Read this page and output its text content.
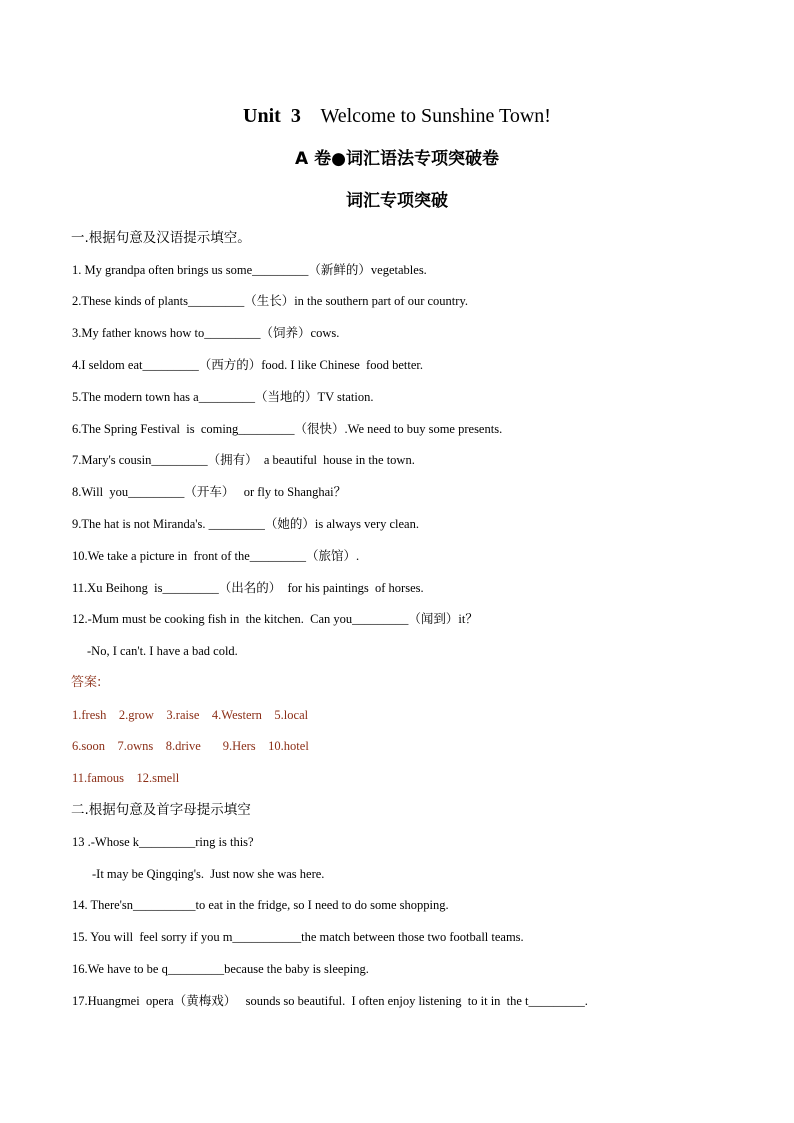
Unit  3 Welcome to Sunshine Town!
A 卷●词汇语法专项突破卷
词汇专项突破
一.根据句意及汉语提示填空。
1. My grandpa often brings us some_________（新鲜的）vegetables.
2.These kinds of plants_________（生长）in the southern part of our country.
3.My father knows how to_________（饲养）cows.
4.I seldom eat_________（西方的）food. I like Chinese  food better.
5.The modern town has a_________（当地的）TV station.
6.The Spring Festival  is  coming_________（很快）.We need to buy some presents.
7.Mary's cousin_________（拥有）  a beautiful  house in the town.
8.Will  you_________（开车）   or fly to Shanghai？
9.The hat is not Miranda's. _________（她的）is always very clean.
10.We take a picture in  front of the_________（旅馆）.
11.Xu Beihong  is_________（出名的）  for his paintings  of horses.
12.-Mum must be cooking fish in  the kitchen.  Can you_________（闻到）it？
-No, I can't. I have a bad cold.
答案:
1.fresh    2.grow    3.raise    4.Western    5.local
6.soon    7.owns    8.drive       9.Hers    10.hotel
11.famous    12.smell
二.根据句意及首字母提示填空
13 .-Whose k_________ring is this?
-It may be Qingqing's.  Just now she was here.
14. There'sn__________to eat in the fridge, so I need to do some shopping.
15. You will  feel sorry if you m___________the match between those two football teams.
16.We have to be q_________because the baby is sleeping.
17.Huangmei  opera（黄梅戏）   sounds so beautiful.  I often enjoy listening  to it in  the t_________.
